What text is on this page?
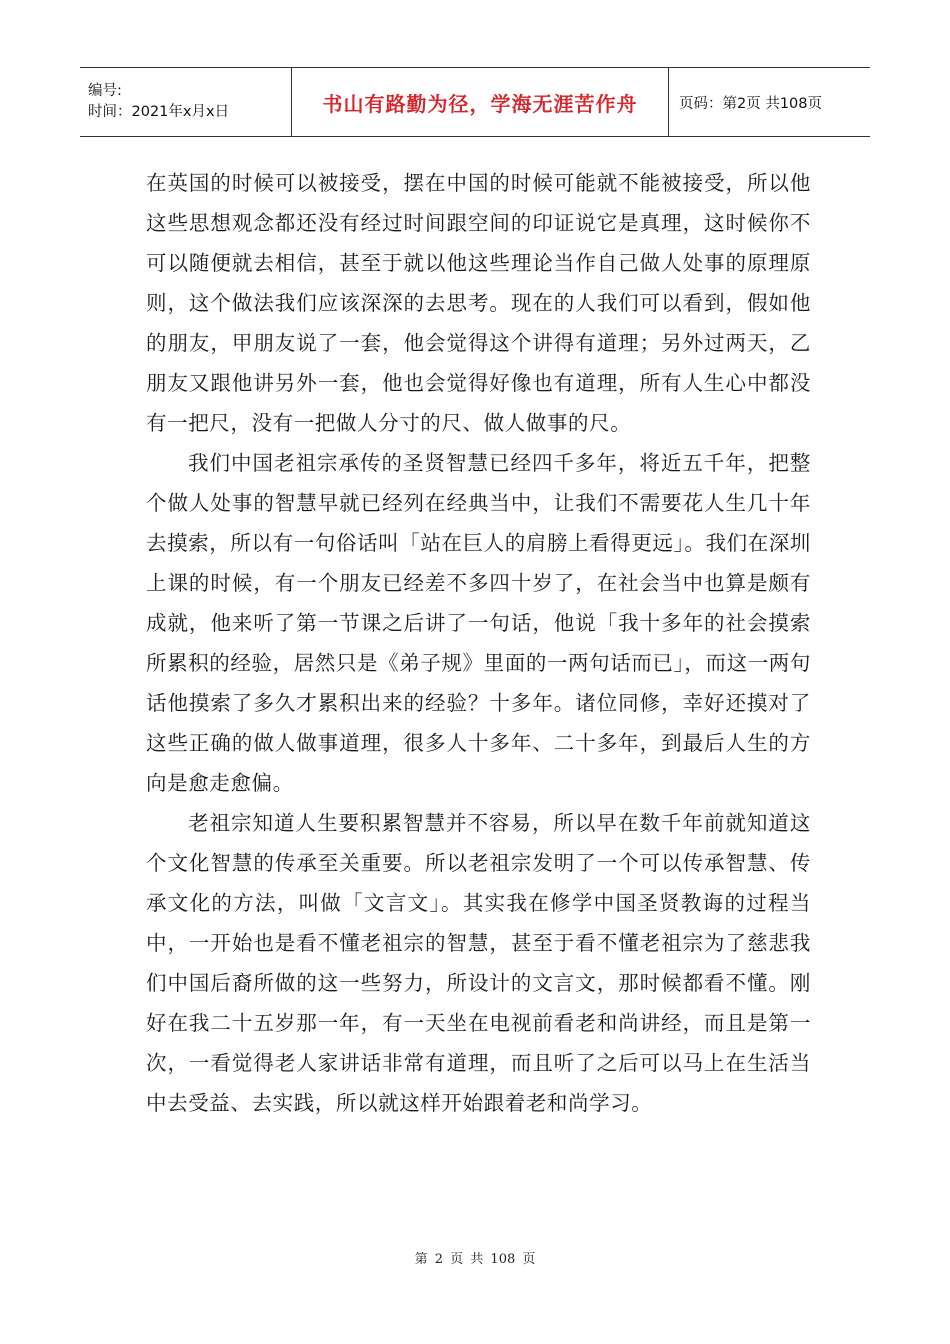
编号:
时间：2021年x月x日	书山有路勤为径，学海无涯苦作舟	页码：第2页 共108页

在英国的时候可以被接受，摆在中国的时候可能就不能被接受，所以他这些思想观念都还没有经过时间跟空间的印证说它是真理，这时候你不可以随便就去相信，甚至于就以他这些理论当作自己做人处事的原理原则，这个做法我们应该深深的去思考。现在的人我们可以看到，假如他的朋友，甲朋友说了一套，他会觉得这个讲得有道理；另外过两天，乙朋友又跟他讲另外一套，他也会觉得好像也有道理，所有人生心中都没有一把尺，没有一把做人分寸的尺、做人做事的尺。

我们中国老祖宗承传的圣贤智慧已经四千多年，将近五千年，把整个做人处事的智慧早就已经列在经典当中，让我们不需要花人生几十年去摸索，所以有一句俗话叫「站在巨人的肩膀上看得更远」。我们在深圳上课的时候，有一个朋友已经差不多四十岁了，在社会当中也算是颇有成就，他来听了第一节课之后讲了一句话，他说「我十多年的社会摸索所累积的经验，居然只是《弟子规》里面的一两句话而已」，而这一两句话他摸索了多久才累积出来的经验？十多年。诸位同修，幸好还摸对了这些正确的做人做事道理，很多人十多年、二十多年，到最后人生的方向是愈走愈偏。

老祖宗知道人生要积累智慧并不容易，所以早在数千年前就知道这个文化智慧的传承至关重要。所以老祖宗发明了一个可以传承智慧、传承文化的方法，叫做「文言文」。其实我在修学中国圣贤教诲的过程当中，一开始也是看不懂老祖宗的智慧，甚至于看不懂老祖宗为了慈悲我们中国后裔所做的这一些努力，所设计的文言文，那时候都看不懂。刚好在我二十五岁那一年，有一天坐在电视前看老和尚讲经，而且是第一次，一看觉得老人家讲话非常有道理，而且听了之后可以马上在生活当中去受益、去实践，所以就这样开始跟着老和尚学习。

第 2 页 共 108 页
